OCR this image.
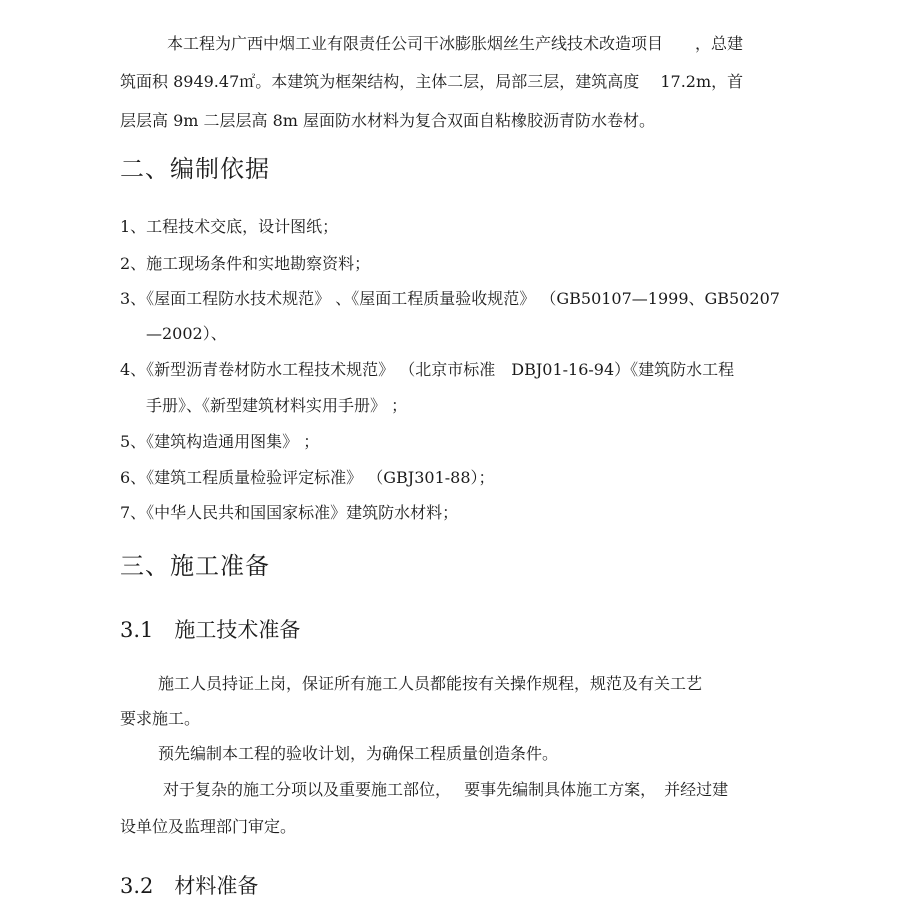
本工程为广西中烟工业有限责任公司干冰膨胀烟丝生产线技术改造项目　　，总建
筑面积 8949.47㎡。本建筑为框架结构，主体二层，局部三层，建筑高度　 17.2m，首
层层高 9m 二层层高 8m 屋面防水材料为复合双面自粘橡胶沥青防水卷材。
二、编制依据
1、工程技术交底，设计图纸；
2、施工现场条件和实地勘察资料；
3、《屋面工程防水技术规范》 、《屋面工程质量验收规范》 （GB50107—1999、GB50207
—2002）、
4、《新型沥青卷材防水工程技术规范》 （北京市标准　DBJ01-16-94）《建筑防水工程
手册》、《新型建筑材料实用手册》 ；
5、《建筑构造通用图集》 ；
6、《建筑工程质量检验评定标准》 （GBJ301-88）；
7、《中华人民共和国国家标准》建筑防水材料；
三、施工准备
3.1　施工技术准备
施工人员持证上岗，保证所有施工人员都能按有关操作规程，规范及有关工艺
要求施工。
预先编制本工程的验收计划，为确保工程质量创造条件。
对于复杂的施工分项以及重要施工部位，　 要事先编制具体施工方案，　并经过建
设单位及监理部门审定。
3.2　材料准备
